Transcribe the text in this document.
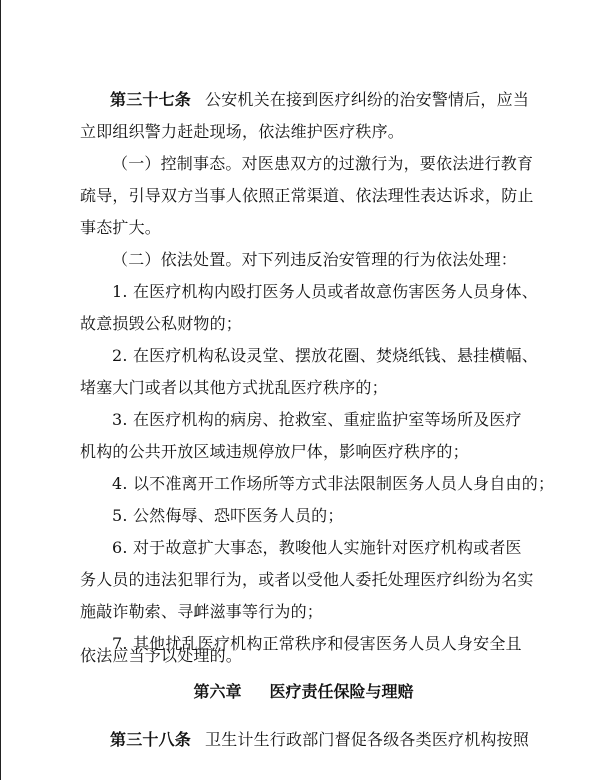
第三十七条 公安机关在接到医疗纠纷的治安警情后，应当
立即组织警力赶赴现场，依法维护医疗秩序。
（一）控制事态。对医患双方的过激行为，要依法进行教育
疏导，引导双方当事人依照正常渠道、依法理性表达诉求，防止
事态扩大。
（二）依法处置。对下列违反治安管理的行为依法处理：
1. 在医疗机构内殴打医务人员或者故意伤害医务人员身体、
故意损毁公私财物的；
2. 在医疗机构私设灵堂、摆放花圈、焚烧纸钱、悬挂横幅、
堵塞大门或者以其他方式扰乱医疗秩序的；
3. 在医疗机构的病房、抢救室、重症监护室等场所及医疗
机构的公共开放区域违规停放尸体，影响医疗秩序的；
4. 以不准离开工作场所等方式非法限制医务人员人身自由的；
5. 公然侮辱、恐吓医务人员的；
6. 对于故意扩大事态，教唆他人实施针对医疗机构或者医
务人员的违法犯罪行为，或者以受他人委托处理医疗纠纷为名实
施敲诈勒索、寻衅滋事等行为的；
7. 其他扰乱医疗机构正常秩序和侵害医务人员人身安全且
依法应当予以处理的。
第六章 医疗责任保险与理赔
第三十八条 卫生计生行政部门督促各级各类医疗机构按照
